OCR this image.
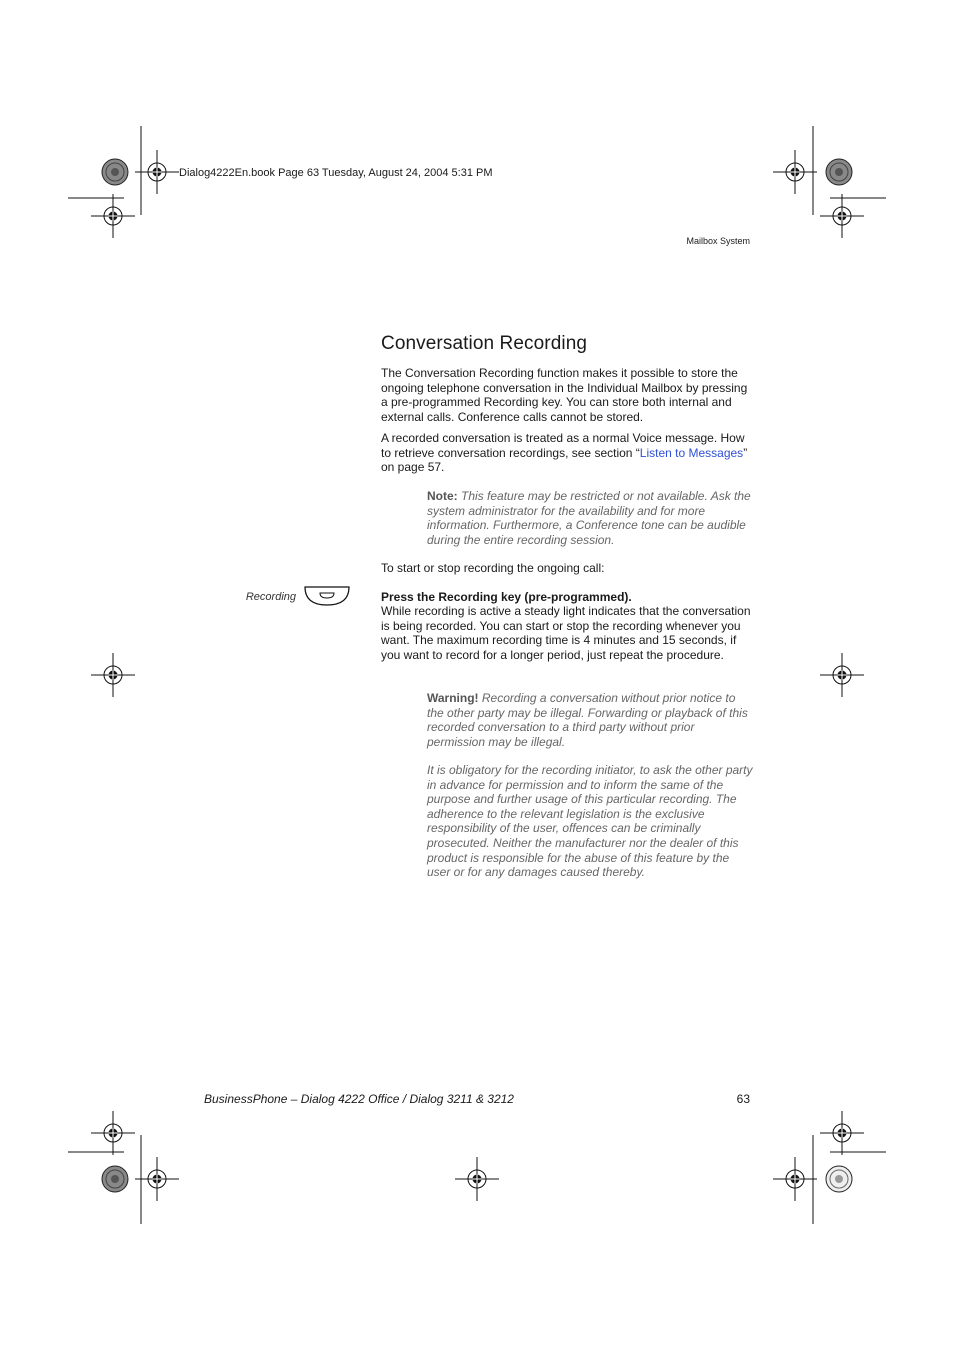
Dialog4222En.book Page 63 Tuesday, August 24, 2004 5:31 PM
Mailbox System
Conversation Recording

The Conversation Recording function makes it possible to store the ongoing telephone conversation in the Individual Mailbox by pressing a pre-programmed Recording key. You can store both internal and external calls. Conference calls cannot be stored.

A recorded conversation is treated as a normal Voice message. How to retrieve conversation recordings, see section “Listen to Messages” on page 57.

Note: This feature may be restricted or not available. Ask the system administrator for the availability and for more information. Furthermore, a Conference tone can be audible during the entire recording session.

To start or stop recording the ongoing call:

Recording	Press the Recording key (pre-programmed).

While recording is active a steady light indicates that the conversation is being recorded. You can start or stop the recording whenever you want. The maximum recording time is 4 minutes and 15 seconds, if you want to record for a longer period, just repeat the procedure.

Warning! Recording a conversation without prior notice to the other party may be illegal. Forwarding or playback of this recorded conversation to a third party without prior permission may be illegal.

It is obligatory for the recording initiator, to ask the other party in advance for permission and to inform the same of the purpose and further usage of this particular recording. The adherence to the relevant legislation is the exclusive responsibility of the user, offences can be criminally prosecuted. Neither the manufacturer nor the dealer of this product is responsible for the abuse of this feature by the user or for any damages caused thereby.

BusinessPhone – Dialog 4222 Office / Dialog 3211 & 3212	63
